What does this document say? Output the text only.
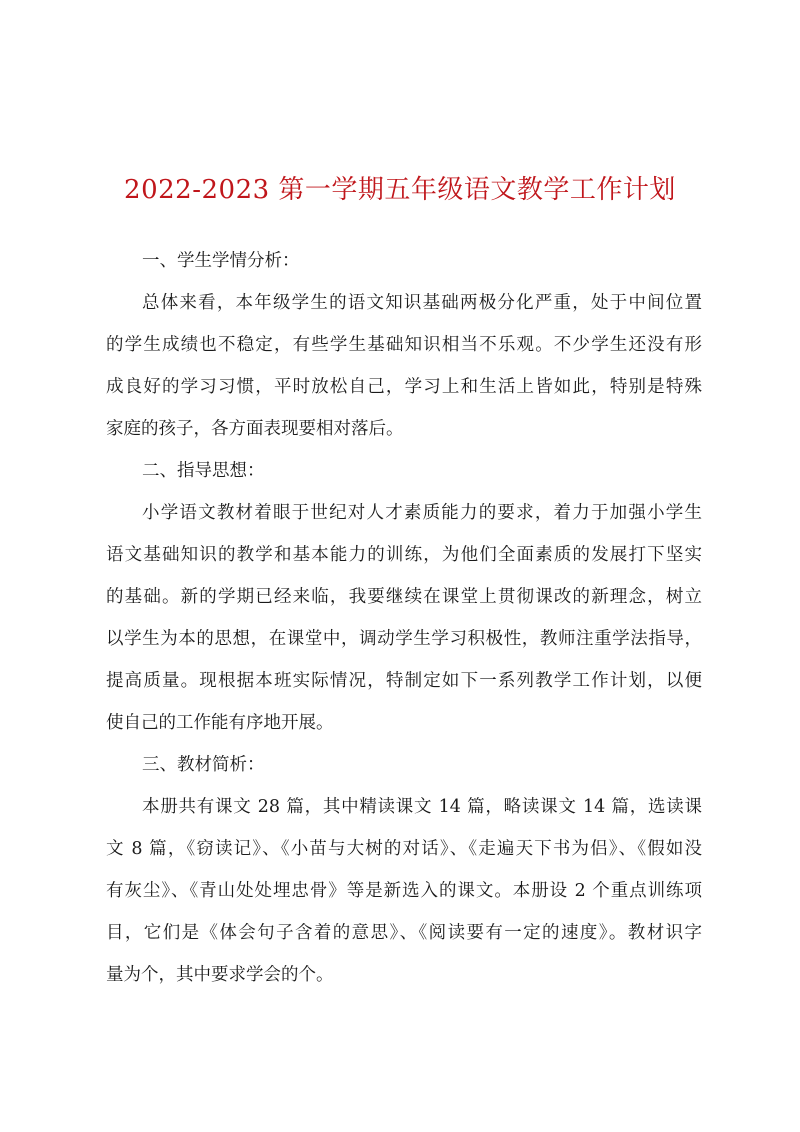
2022-2023 第一学期五年级语文教学工作计划
一、学生学情分析：
总体来看，本年级学生的语文知识基础两极分化严重，处于中间位置
的学生成绩也不稳定，有些学生基础知识相当不乐观。不少学生还没有形
成良好的学习习惯，平时放松自己，学习上和生活上皆如此，特别是特殊
家庭的孩子，各方面表现要相对落后。
二、指导思想：
小学语文教材着眼于世纪对人才素质能力的要求，着力于加强小学生
语文基础知识的教学和基本能力的训练，为他们全面素质的发展打下坚实
的基础。新的学期已经来临，我要继续在课堂上贯彻课改的新理念，树立
以学生为本的思想，在课堂中，调动学生学习积极性，教师注重学法指导，
提高质量。现根据本班实际情况，特制定如下一系列教学工作计划，以便
使自己的工作能有序地开展。
三、教材简析：
本册共有课文 28 篇，其中精读课文 14 篇，略读课文 14 篇，选读课
文 8 篇，《窃读记》、《小苗与大树的对话》、《走遍天下书为侣》、《假如没
有灰尘》、《青山处处埋忠骨》等是新选入的课文。本册设 2 个重点训练项
目，它们是《体会句子含着的意思》、《阅读要有一定的速度》。教材识字
量为个，其中要求学会的个。
